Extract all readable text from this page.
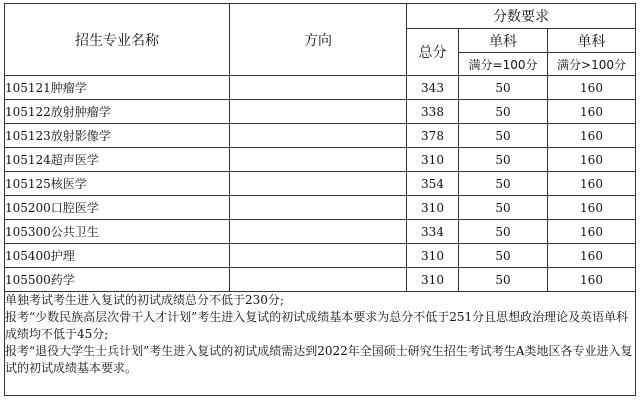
招生专业名称	方向	分数要求		
		总分	单科	单科
			满分=100分	满分>100分
105121肿瘤学		343	50	160
105122放射肿瘤学		338	50	160
105123放射影像学		378	50	160
105124超声医学		310	50	160
105125核医学		354	50	160
105200口腔医学		310	50	160
105300公共卫生		334	50	160
105400护理		310	50	160
105500药学		310	50	160

单独考试考生进入复试的初试成绩总分不低于230分;

报考“少数民族高层次骨干人才计划”考生进入复试的初试成绩基本要求为总分不低于251分且思想政治理论及英语单科成绩均不低于45分;

报考“退役大学生士兵计划”考生进入复试的初试成绩需达到2022年全国硕士研究生招生考试考生A类地区各专业进入复试的初试成绩基本要求。				
